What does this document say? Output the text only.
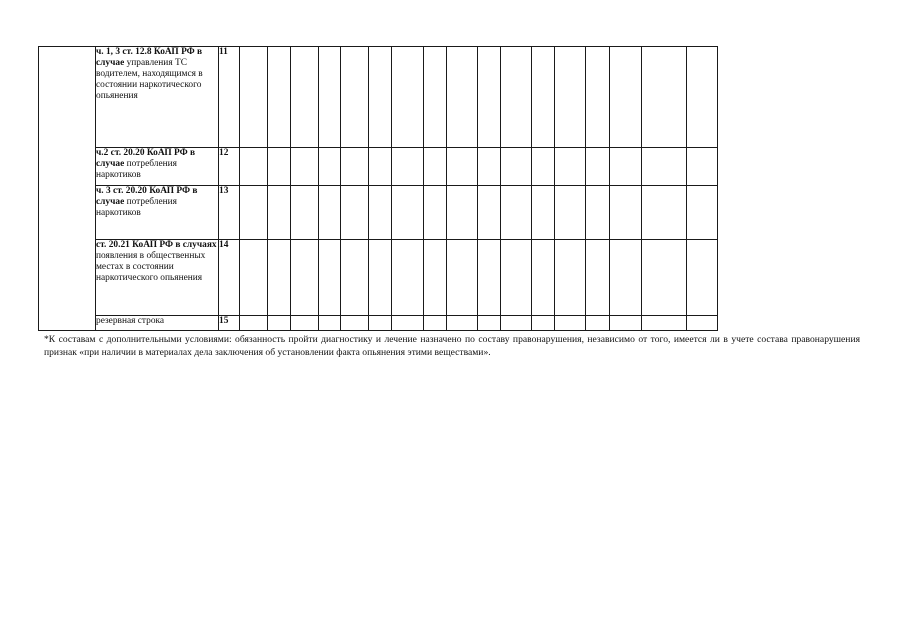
	ч. 1, 3 ст. 12.8 КоАП РФ в случае управления ТС водителем, находящимся в состоянии наркотического опьянения	11																	
	ч.2 ст. 20.20 КоАП РФ в случае потребления наркотиков	12																	
	ч. 3 ст. 20.20 КоАП РФ в случае потребления наркотиков	13																	
	ст. 20.21 КоАП РФ в случаях появления в общественных местах в состоянии наркотического опьянения	14																	
	резервная строка	15																	
*К составам с дополнительными условиями: обязанность пройти диагностику и лечение назначено по составу правонарушения, независимо от того, имеется ли в учете состава правонарушения признак «при наличии в материалах дела заключения об установлении факта опьянения этими веществами».
